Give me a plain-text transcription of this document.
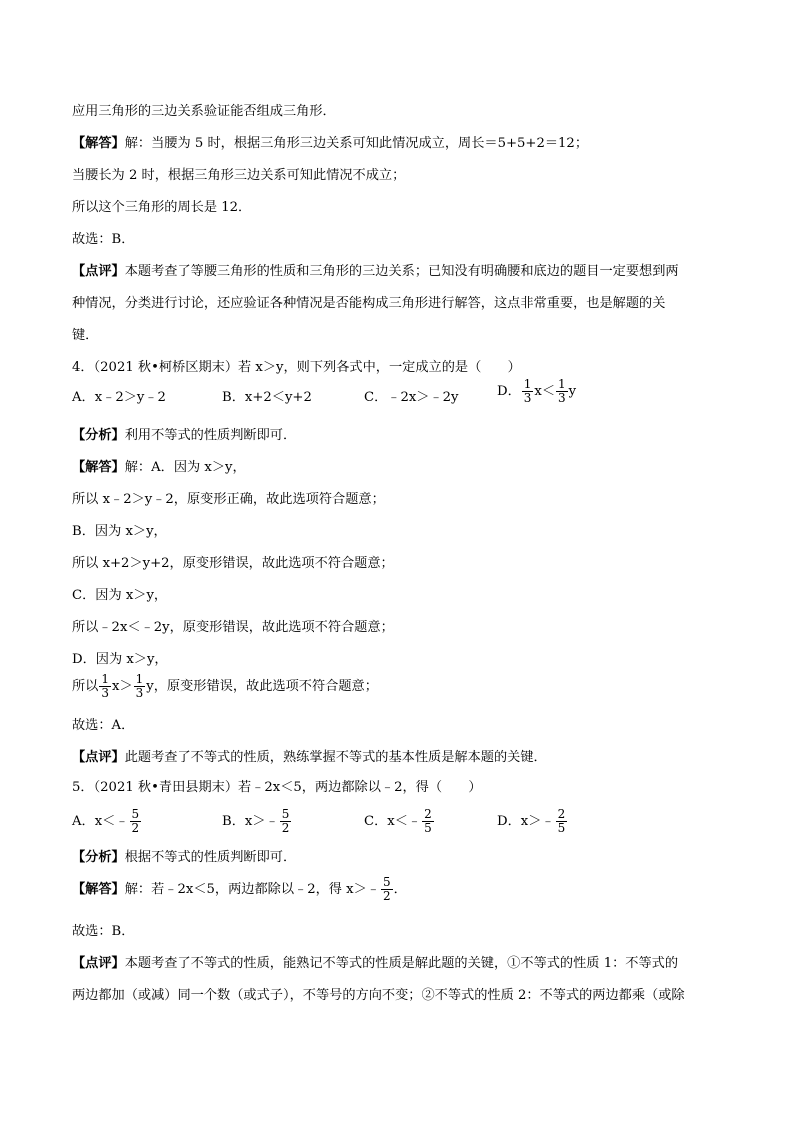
应用三角形的三边关系验证能否组成三角形．
【解答】解：当腰为 5 时，根据三角形三边关系可知此情况成立，周长＝5+5+2＝12；
当腰长为 2 时，根据三角形三边关系可知此情况不成立；
所以这个三角形的周长是 12．
故选：B．
【点评】本题考查了等腰三角形的性质和三角形的三边关系；已知没有明确腰和底边的题目一定要想到两
种情况，分类进行讨论，还应验证各种情况是否能构成三角形进行解答，这点非常重要，也是解题的关
键．
4．（2021 秋•柯桥区期末）若 x＞y，则下列各式中，一定成立的是（　　）
A．x﹣2＞y﹣2	B．x+2＜y+2	C．﹣2x＞﹣2y	D． $\frac{1}{3} x< \frac{1}{3}$ y
【分析】利用不等式的性质判断即可．
【解答】解：A．因为 x＞y，
所以 x﹣2＞y﹣2，原变形正确，故此选项符合题意；
B．因为 x＞y，
所以 x+2＞y+2，原变形错误，故此选项不符合题意；
C．因为 x＞y，
所以﹣2x＜﹣2y，原变形错误，故此选项不符合题意；
D．因为 x＞y，
所以 $\frac{1}{3} x> \frac{1}{3}$ y，原变形错误，故此选项不符合题意；
故选：A．
【点评】此题考查了不等式的性质，熟练掌握不等式的基本性质是解本题的关键．
5．（2021 秋•青田县期末）若﹣2x＜5，两边都除以﹣2，得（　　）
A．x＜﹣ $\frac{5}{2}$	B．x＞﹣ $\frac{5}{2}$	C．x＜﹣ $\frac{2}{5}$	D．x＞﹣ $\frac{2}{5}$
【分析】根据不等式的性质判断即可．
【解答】解：若﹣2x＜5，两边都除以﹣2，得 x＞﹣ $\frac{5}{2}$ ．
故选：B．
【点评】本题考查了不等式的性质，能熟记不等式的性质是解此题的关键，①不等式的性质 1：不等式的
两边都加（或减）同一个数（或式子），不等号的方向不变；②不等式的性质 2：不等式的两边都乘（或除
